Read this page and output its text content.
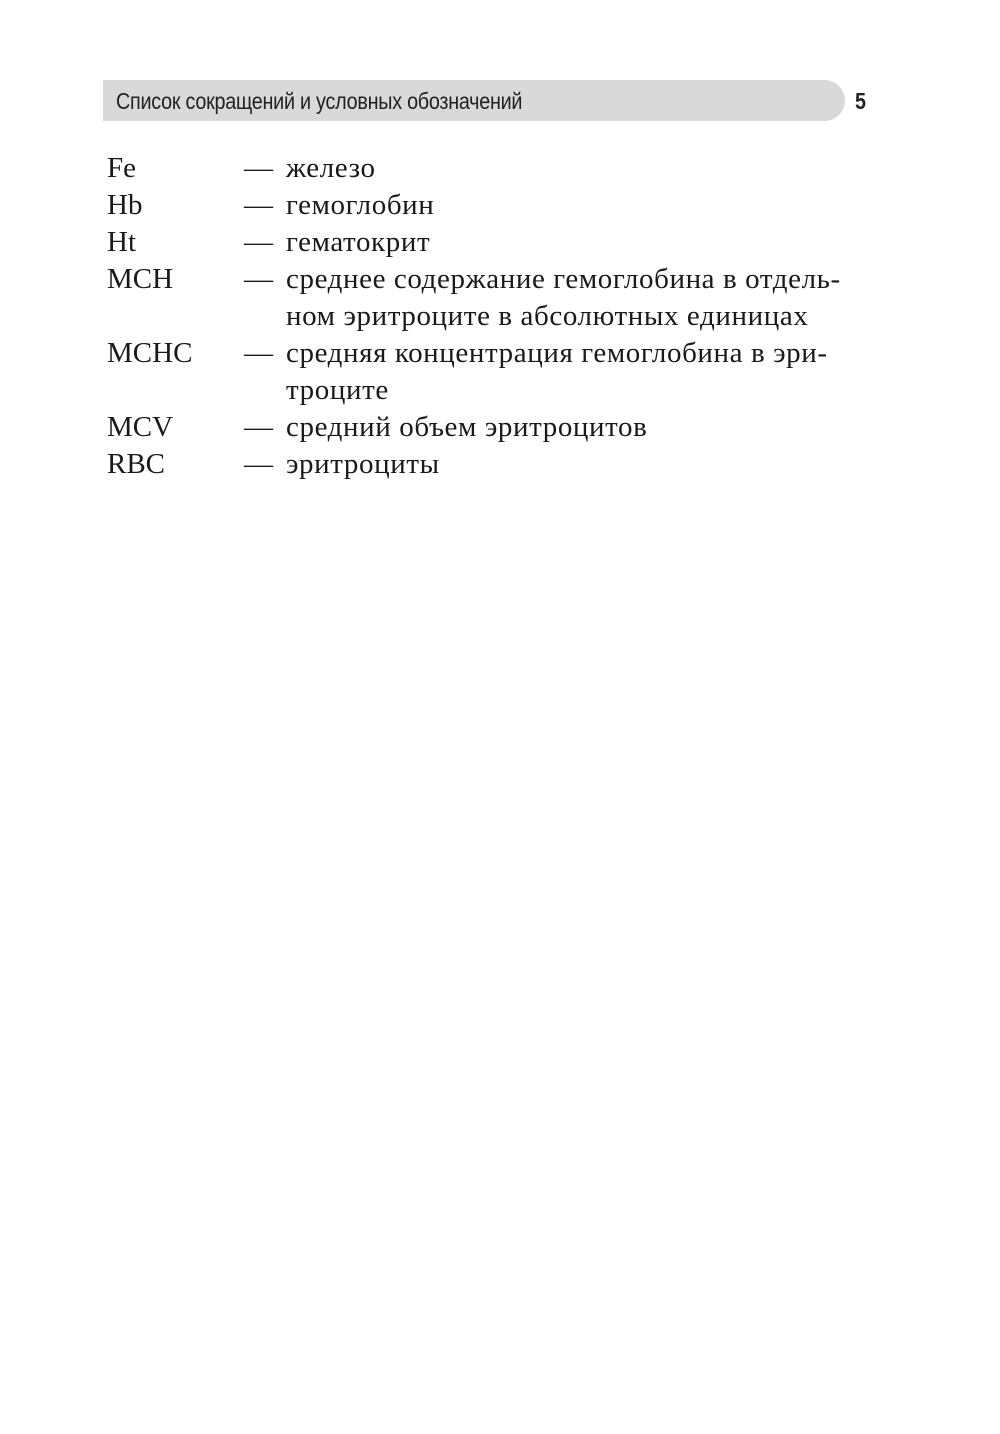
Список сокращений и условных обозначений	5
Fe	— железо
Hb	— гемоглобин
Ht	— гематокрит
MCH	— среднее содержание гемоглобина в отдель-
ном эритроците в абсолютных единицах
MCHC	— средняя концентрация гемоглобина в эри-
троците
MCV	— средний объем эритроцитов
RBC	— эритроциты
